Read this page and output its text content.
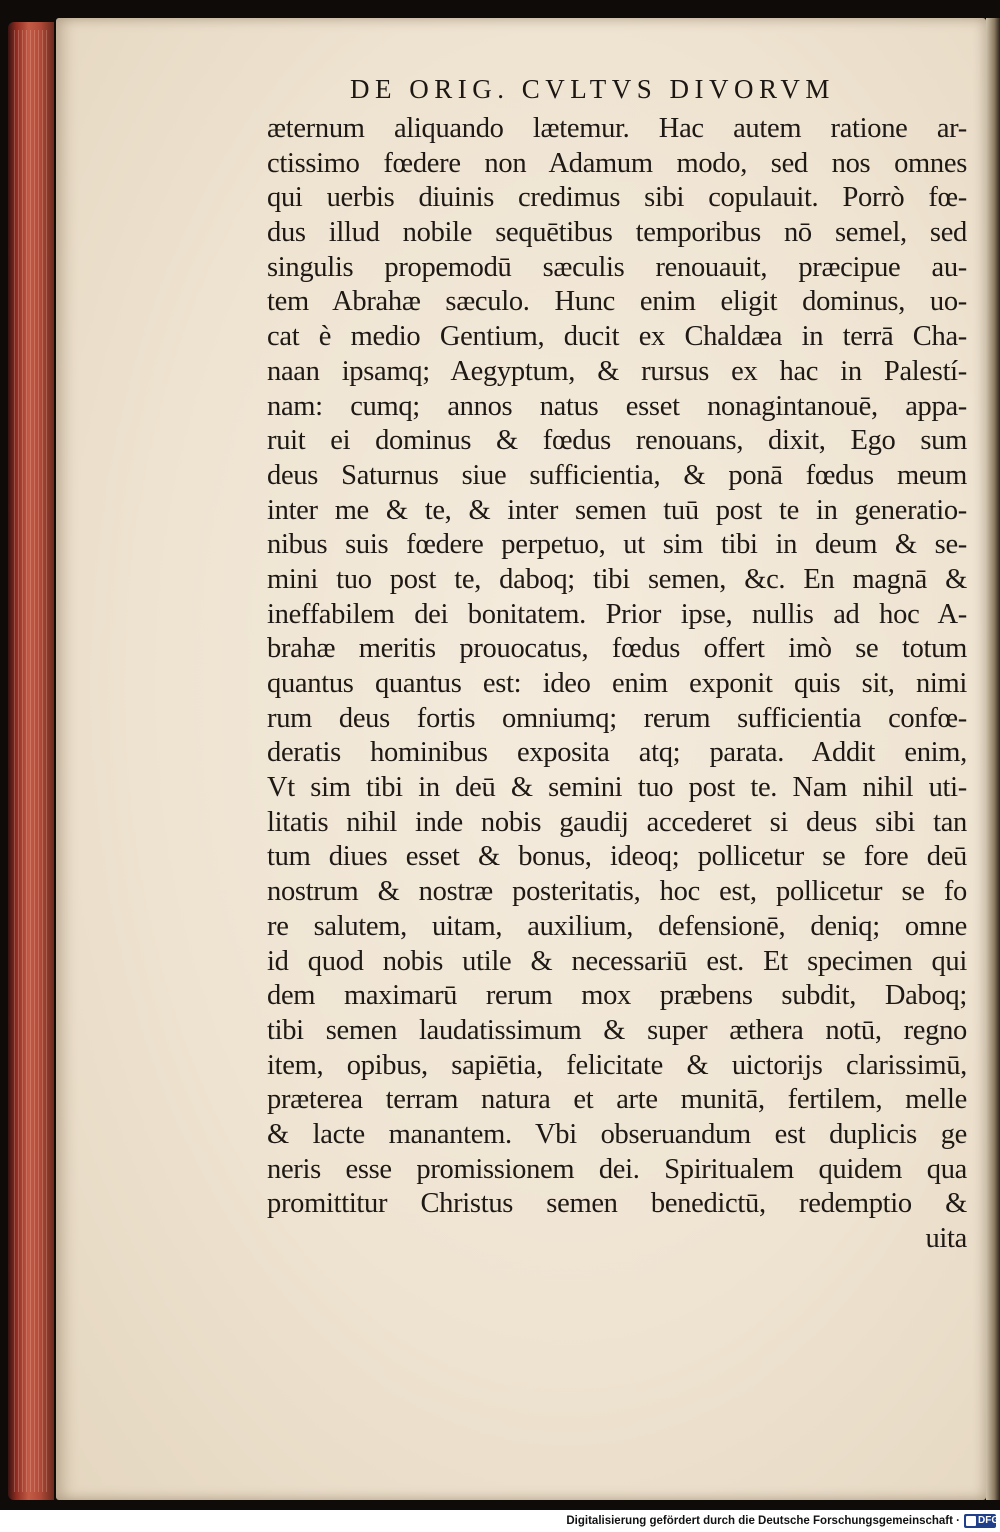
DE ORIG. CVLTVS DIVORVM
æternum aliquando lætemur. Hac autem ratione ar-
ctissimo fœdere non Adamum modo, sed nos omnes
qui uerbis diuinis credimus sibi copulauit. Porrò fœ-
dus illud nobile sequētibus temporibus nō semel, sed
singulis propemodū sæculis renouauit, præcipue au-
tem Abrahæ sæculo. Hunc enim eligit dominus, uo-
cat è medio Gentium, ducit ex Chaldæa in terrā Cha-
naan ipsamq; Aegyptum, & rursus ex hac in Palestí-
nam: cumq; annos natus esset nonagintanouē, appa-
ruit ei dominus & fœdus renouans, dixit, Ego sum
deus Saturnus siue sufficientia, & ponā fœdus meum
inter me & te, & inter semen tuū post te in generatio-
nibus suis fœdere perpetuo, ut sim tibi in deum & se-
mini tuo post te, daboq; tibi semen, &c. En magnā &
ineffabilem dei bonitatem. Prior ipse, nullis ad hoc A-
brahæ meritis prouocatus, fœdus offert imò se totum
quantus quantus est: ideo enim exponit quis sit, nimi
rum deus fortis omniumq; rerum sufficientia confœ-
deratis hominibus exposita atq; parata. Addit enim,
Vt sim tibi in deū & semini tuo post te. Nam nihil uti-
litatis nihil inde nobis gaudij accederet si deus sibi tan
tum diues esset & bonus, ideoq; pollicetur se fore deū
nostrum & nostræ posteritatis, hoc est, pollicetur se fo
re salutem, uitam, auxilium, defensionē, deniq; omne
id quod nobis utile & necessariū est. Et specimen qui
dem maximarū rerum mox præbens subdit, Daboq;
tibi semen laudatissimum & super æthera notū, regno
item, opibus, sapiētia, felicitate & uictorijs clarissimū,
præterea terram natura et arte munitā, fertilem, melle
& lacte manantem. Vbi obseruandum est duplicis ge
neris esse promissionem dei. Spiritualem quidem qua
promittitur Christus semen benedictū, redemptio &
uita
Digitalisierung gefördert durch die Deutsche Forschungsgemeinschaft · DFG
